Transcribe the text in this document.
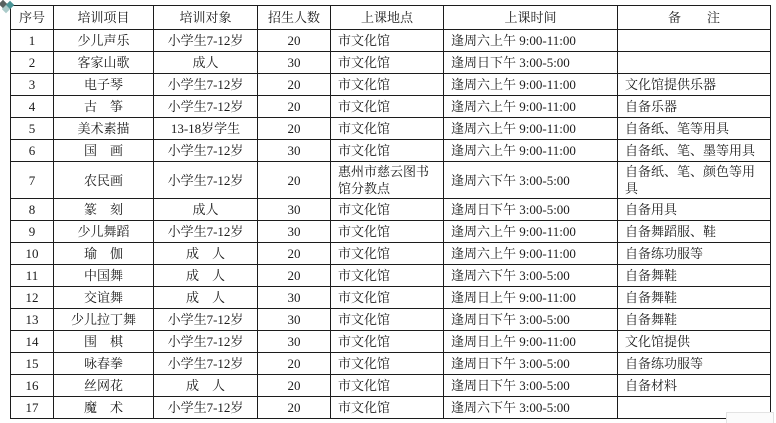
序号	培训项目	培训对象	招生人数	上课地点	上课时间	备　　注
1	少儿声乐	小学生7-12岁	20	市文化馆	逢周六上午 9:00-11:00	
2	客家山歌	成人	30	市文化馆	逢周日下午 3:00-5:00	
3	电子琴	小学生7-12岁	20	市文化馆	逢周六上午 9:00-11:00	文化馆提供乐器
4	古　筝	小学生7-12岁	20	市文化馆	逢周六上午 9:00-11:00	自备乐器
5	美术素描	13-18岁学生	20	市文化馆	逢周六上午 9:00-11:00	自备纸、笔等用具
6	国　画	小学生7-12岁	30	市文化馆	逢周六上午 9:00-11:00	自备纸、笔、墨等用具
7	农民画	小学生7-12岁	20	惠州市慈云图书馆分教点	逢周六下午 3:00-5:00	自备纸、笔、颜色等用具
8	篆　刻	成人	30	市文化馆	逢周日下午 3:00-5:00	自备用具
9	少儿舞蹈	小学生7-12岁	30	市文化馆	逢周六上午 9:00-11:00	自备舞蹈服、鞋
10	瑜　伽	成　人	20	市文化馆	逢周六上午 9:00-11:00	自备练功服等
11	中国舞	成　人	20	市文化馆	逢周六下午 3:00-5:00	自备舞鞋
12	交谊舞	成　人	30	市文化馆	逢周日上午 9:00-11:00	自备舞鞋
13	少儿拉丁舞	小学生7-12岁	30	市文化馆	逢周日下午 3:00-5:00	自备舞鞋
14	围　棋	小学生7-12岁	30	市文化馆	逢周日上午 9:00-11:00	文化馆提供
15	咏春拳	小学生7-12岁	20	市文化馆	逢周日下午 3:00-5:00	自备练功服等
16	丝网花	成　人	20	市文化馆	逢周日下午 3:00-5:00	自备材料
17	魔　术	小学生7-12岁	20	市文化馆	逢周六下午 3:00-5:00	
